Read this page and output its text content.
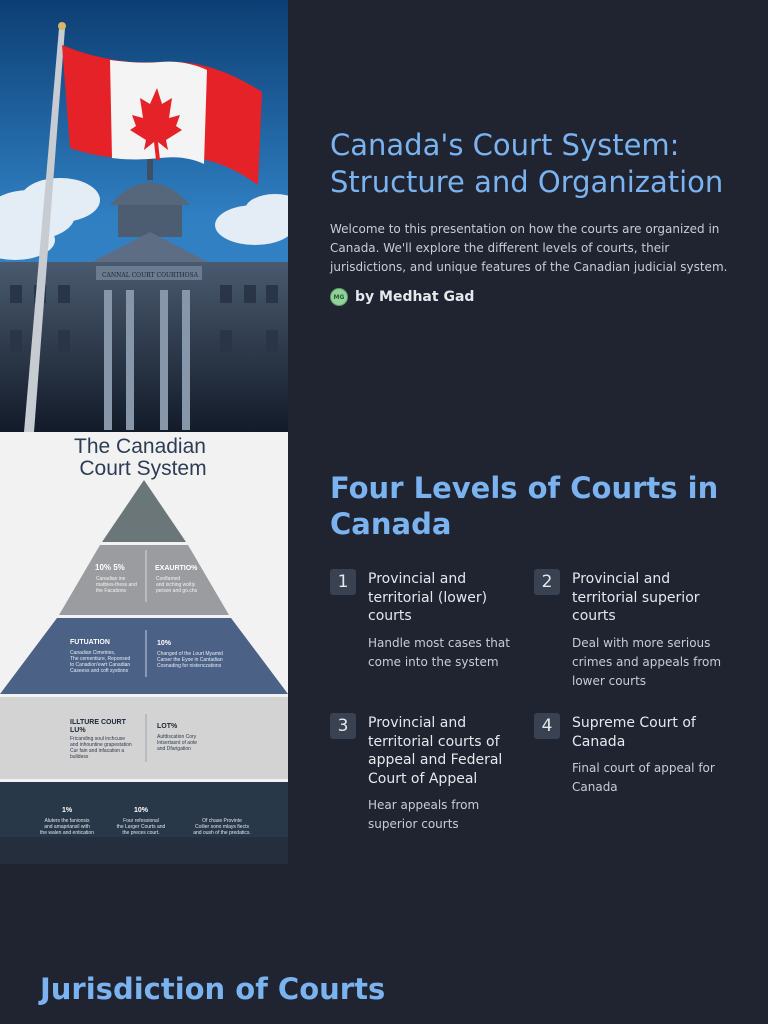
CANNAL COURT COURTHOSA
Canada's Court System: Structure and Organization

Welcome to this presentation on how the courts are organized in Canada. We'll explore the different levels of courts, their jurisdictions, and unique features of the Canadian judicial system.

MG by Medhat Gad
The Canadian
Court System
10% 5%	EXAURTIO%
Canadian ine
matbies-thess and
the Facations
Conflamed
and ixching woltiy
person and go.chs
FUTUATION	10%
Canadian Cimetries,
The cementiure, Reponsed
to Canadion'ewrt Canadian
Caseess and coft systions
Changed of the Lourt Myamid
Carser the Eyoe in Cantadian
Cosnading for nistenczations
ILLTURE COURT
LU%
LOT%
Fricanding soul inchcuse
and inhountine grapestation
Cur fain and infacation a
bulldess
Aufdiscation Cory
Intsertasnt of aote
and Dfarigation
1%	10%
Aluters the fanionsis
and amapriansil with
the walen and entication
Four refessional
the Larger Courts and
the preces court.
Of chase Provinte
Coilier sono mlays fiects
and oush of the predatics.
Four Levels of Courts in Canada
1	Provincial and territorial (lower) courts
Handle most cases that come into the system
2	Provincial and territorial superior courts
Deal with more serious crimes and appeals from lower courts
3	Provincial and territorial courts of appeal and Federal Court of Appeal
Hear appeals from superior courts
4	Supreme Court of Canada
Final court of appeal for Canada
Jurisdiction of Courts
